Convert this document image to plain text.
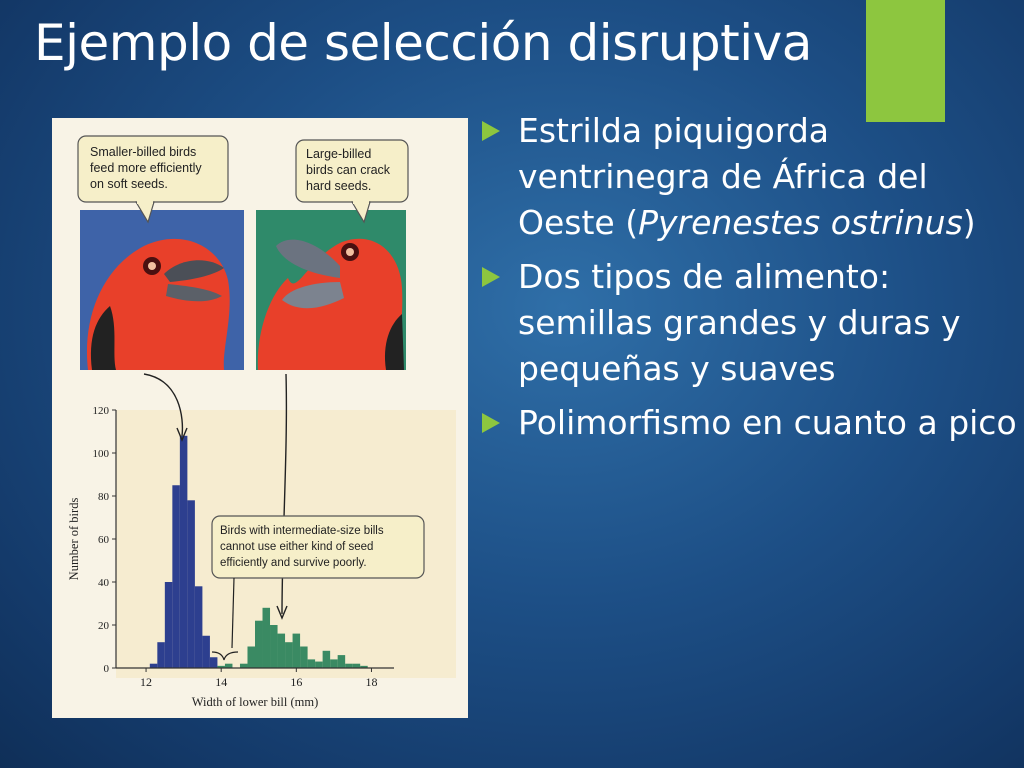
Ejemplo de selección disruptiva
Smaller-billed birds feed more efficiently on soft seeds.
Large-billed birds can crack hard seeds.
0
20
40
60
80
100
120
12	14	16	18
Width of lower bill (mm)
Number of birds	Birds with intermediate-size bills cannot use either kind of seed efficiently and survive poorly.
Estrilda piquigorda ventrinegra de África del Oeste (Pyrenestes ostrinus)
Dos tipos de alimento: semillas grandes y duras y pequeñas y suaves
Polimorfismo en cuanto a pico
